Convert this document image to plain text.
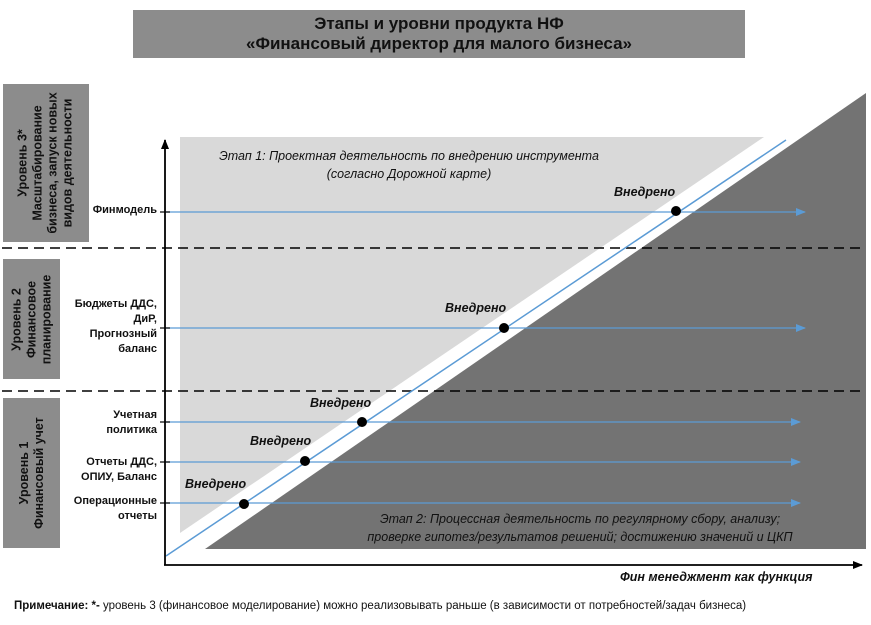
Этапы и уровни продукта НФ
«Финансовый директор для малого бизнеса»
Уровень 3* Масштабирование бизнеса, запуск новых видов деятельности
Уровень 2 Финансовое планирование
Уровень 1 Финансовый учет
Финмодель
Бюджеты ДДС,
ДиР,
Прогнозный
баланс
Учетная
политика
Отчеты ДДС,
ОПИУ, Баланс
Операционные
отчеты
Внедрено
Внедрено
Внедрено
Внедрено
Внедрено
Этап 1: Проектная деятельность по внедрению инструмента
(согласно Дорожной карте)
Этап 2: Процессная деятельность по регулярному сбору, анализу;
проверке гипотез/результатов решений; достижению значений и ЦКП
Фин менеджмент как функция
Примечание: *- уровень 3 (финансовое моделирование) можно реализовывать раньше (в зависимости от потребностей/задач бизнеса)
